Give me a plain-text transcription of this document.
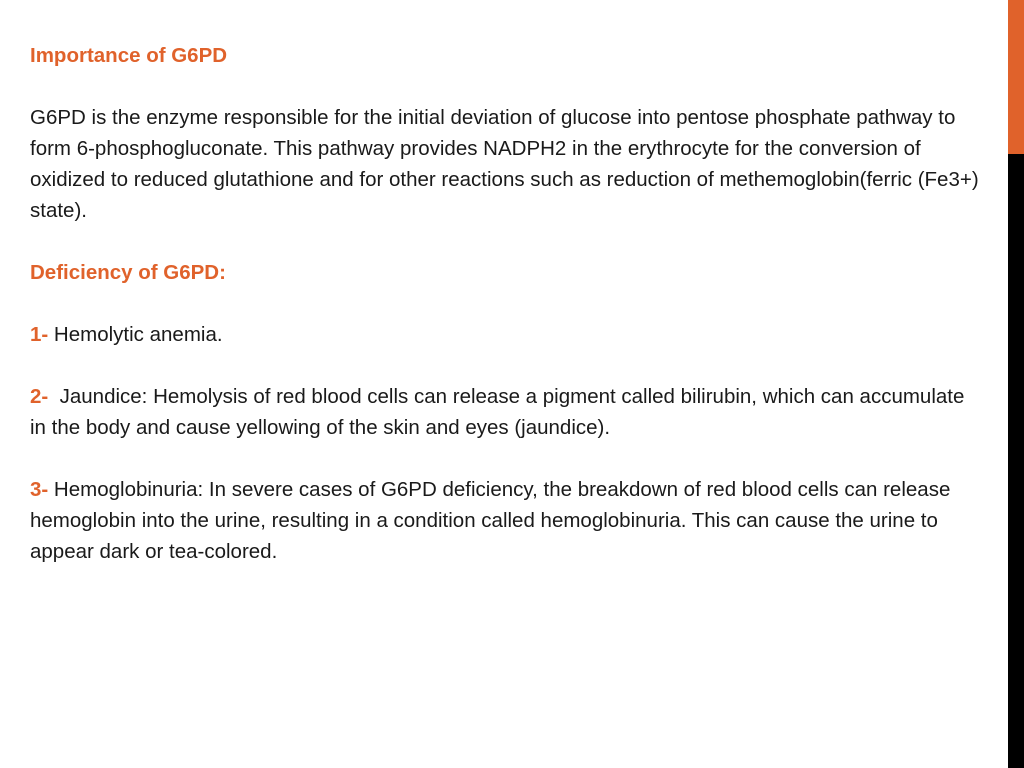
Importance of G6PD

G6PD is the enzyme responsible for the initial deviation of glucose into pentose phosphate pathway to form 6-phosphogluconate. This pathway provides NADPH2 in the erythrocyte for the conversion of oxidized to reduced glutathione and for other reactions such as reduction of methemoglobin(ferric (Fe3+) state).

Deficiency of G6PD:

1- Hemolytic anemia.

2-  Jaundice: Hemolysis of red blood cells can release a pigment called bilirubin, which can accumulate in the body and cause yellowing of the skin and eyes (jaundice).

3- Hemoglobinuria: In severe cases of G6PD deficiency, the breakdown of red blood cells can release hemoglobin into the urine, resulting in a condition called hemoglobinuria. This can cause the urine to appear dark or tea-colored.
